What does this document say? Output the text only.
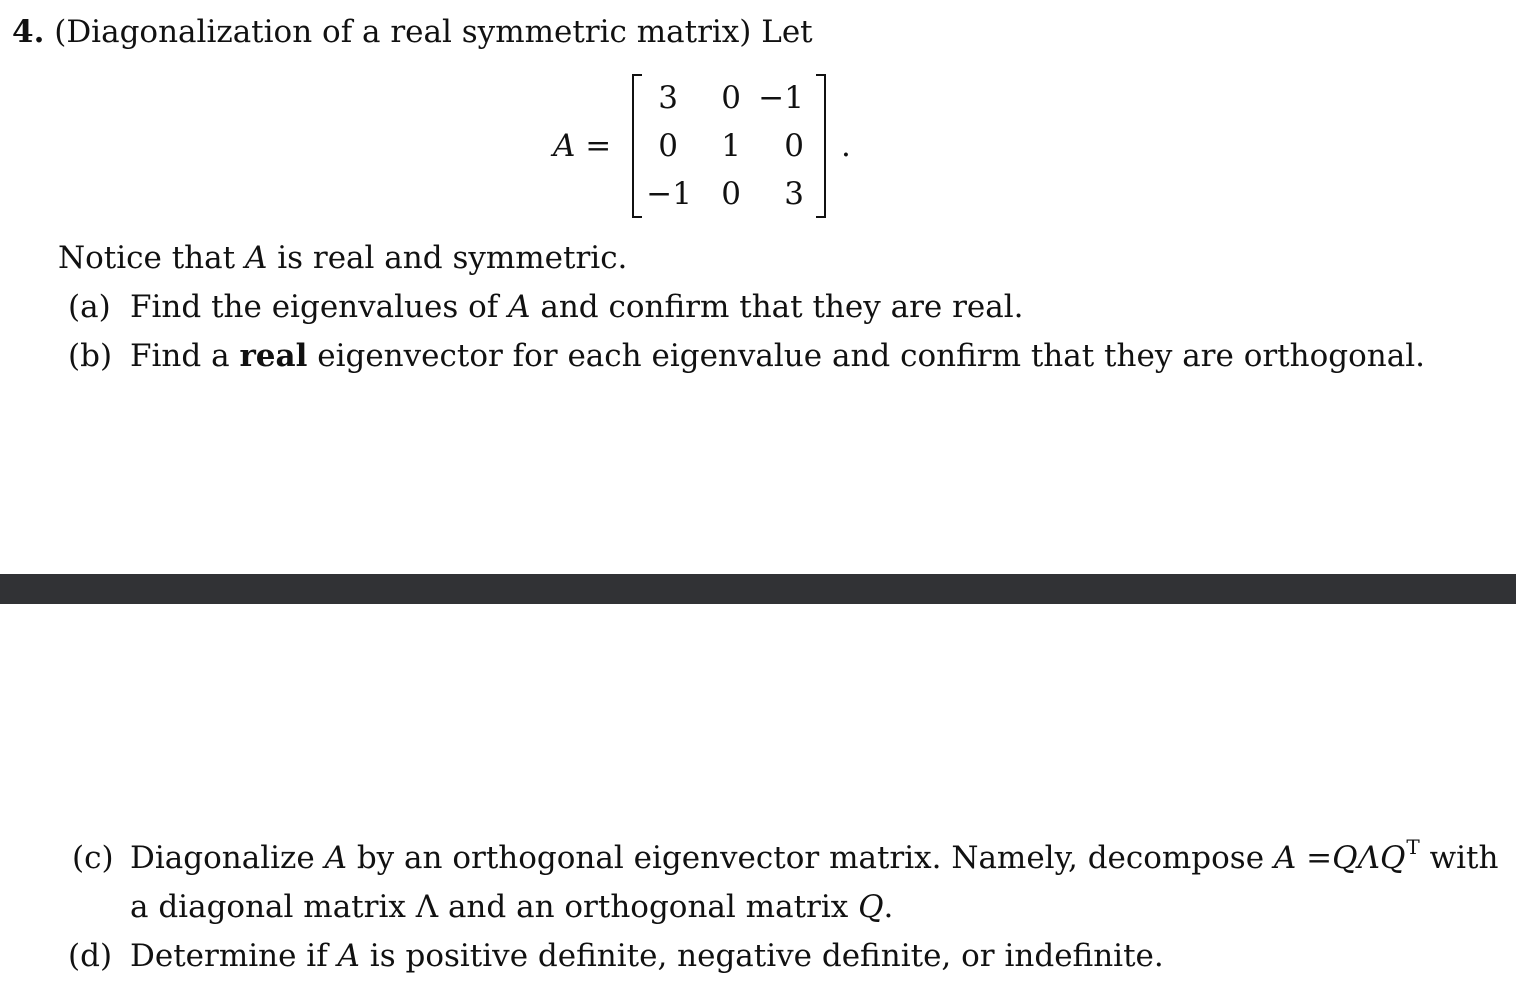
4. (Diagonalization of a real symmetric matrix) Let
A =
3	0 −1
0	1	0
−1 0	3
.
Notice that A is real and symmetric.
(a) Find the eigenvalues of A and confirm that they are real.
(b) Find a real eigenvector for each eigenvalue and confirm that they are orthogonal.
(c) Diagonalize A by an orthogonal eigenvector matrix. Namely, decompose $A =Q\Lambda Q^T$ with
a diagonal matrix Λ and an orthogonal matrix Q.
(d) Determine if A is positive definite, negative definite, or indefinite.
